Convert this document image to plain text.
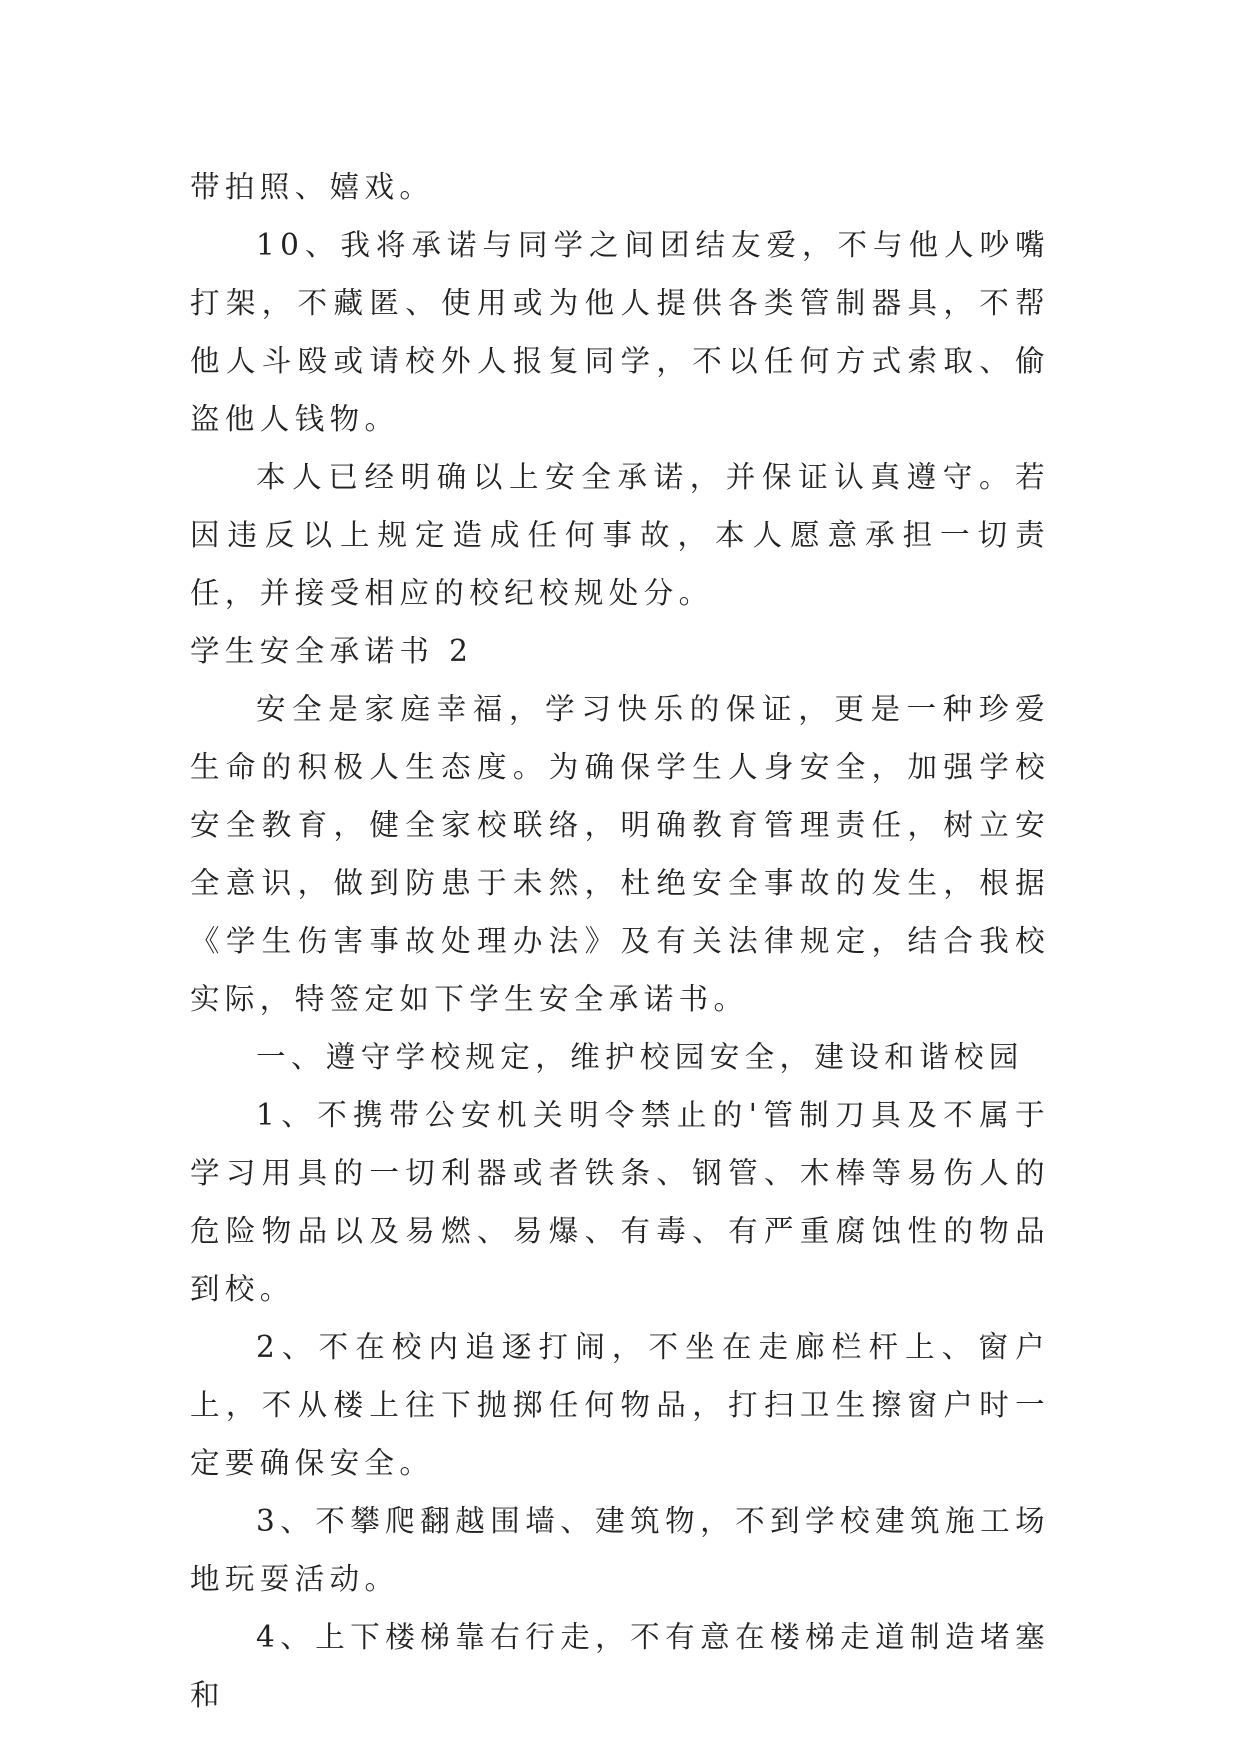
带拍照、嬉戏。

10、我将承诺与同学之间团结友爱，不与他人吵嘴打架，不藏匿、使用或为他人提供各类管制器具，不帮他人斗殴或请校外人报复同学，不以任何方式索取、偷盗他人钱物。

本人已经明确以上安全承诺，并保证认真遵守。若因违反以上规定造成任何事故，本人愿意承担一切责任，并接受相应的校纪校规处分。

学生安全承诺书 2

安全是家庭幸福，学习快乐的保证，更是一种珍爱生命的积极人生态度。为确保学生人身安全，加强学校安全教育，健全家校联络，明确教育管理责任，树立安全意识，做到防患于未然，杜绝安全事故的发生，根据《学生伤害事故处理办法》及有关法律规定，结合我校实际，特签定如下学生安全承诺书。

一、遵守学校规定，维护校园安全，建设和谐校园

1、不携带公安机关明令禁止的'管制刀具及不属于学习用具的一切利器或者铁条、钢管、木棒等易伤人的危险物品以及易燃、易爆、有毒、有严重腐蚀性的物品到校。

2、不在校内追逐打闹，不坐在走廊栏杆上、窗户上，不从楼上往下抛掷任何物品，打扫卫生擦窗户时一定要确保安全。

3、不攀爬翻越围墙、建筑物，不到学校建筑施工场地玩耍活动。

4、上下楼梯靠右行走，不有意在楼梯走道制造堵塞和
